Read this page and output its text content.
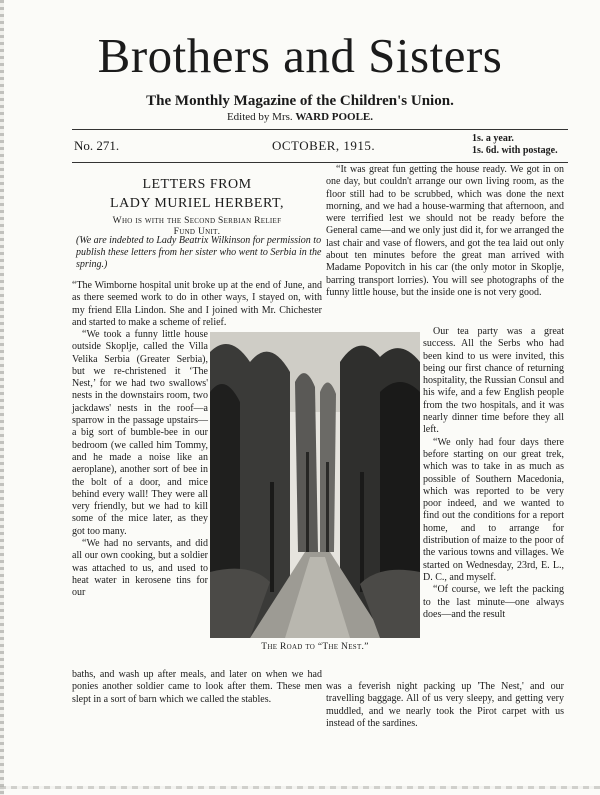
Brothers and Sisters
The Monthly Magazine of the Children's Union.
Edited by Mrs. WARD POOLE.
No. 271.	OCTOBER, 1915.	1s. a year.
1s. 6d. with postage.
LETTERS FROM
LADY MURIEL HERBERT,
Who is with the Second Serbian Relief
Fund Unit.
(We are indebted to Lady Beatrix Wilkinson for permission to publish these letters from her sister who went to Serbia in the spring.)
“The Wimborne hospital unit broke up at the end of June, and as there seemed work to do in other ways, I stayed on, with my friend Ella Lindon. She and I joined with Mr. Chichester and started to make a scheme of relief.
“We took a funny little house outside Skoplje, called the Villa Velika Serbia (Greater Serbia), but we re-christened it ‘The Nest,’ for we had two swallows' nests in the downstairs room, two jackdaws' nests in the roof—a sparrow in the passage upstairs—a big sort of bumble-bee in our bedroom (we called him Tommy, and he made a noise like an aeroplane), another sort of bee in the bolt of a door, and mice behind every wall! They were all very friendly, but we had to kill some of the mice later, as they got too many.
“We had no servants, and did all our own cooking, but a soldier was attached to us, and used to heat water in kerosene tins for our
baths, and wash up after meals, and later on when we had ponies another soldier came to look after them. These men slept in a sort of barn which we called the stables.
“It was great fun getting the house ready. We got in on one day, but couldn't arrange our own living room, as the floor still had to be scrubbed, which was done the next morning, and we had a house-warming that afternoon, and were terrified lest we should not be ready before the General came—and we only just did it, for we arranged the last chair and vase of flowers, and got the tea laid out only about ten minutes before the great man arrived with Madame Popovitch in his car (the only motor in Skoplje, barring transport lorries). You will see photographs of the funny little house, but the inside one is not very good.
Our tea party was a great success. All the Serbs who had been kind to us were invited, this being our first chance of returning hospitality, the Russian Consul and his wife, and a few English people from the two hospitals, and it was nearly dinner time before they all left.
“We only had four days there before starting on our great trek, which was to take in as much as possible of Southern Macedonia, which was reported to be very poor indeed, and we wanted to find out the conditions for a report home, and to arrange for distribution of maize to the poor of the various towns and villages. We started on Wednesday, 23rd, E. L., D. C., and myself.
“Of course, we left the packing to the last minute—one always does—and the result
was a feverish night packing up 'The Nest,' and our travelling baggage. All of us very sleepy, and getting very muddled, and we nearly took the Pirot carpet with us instead of the sardines.
The Road to “The Nest.”
